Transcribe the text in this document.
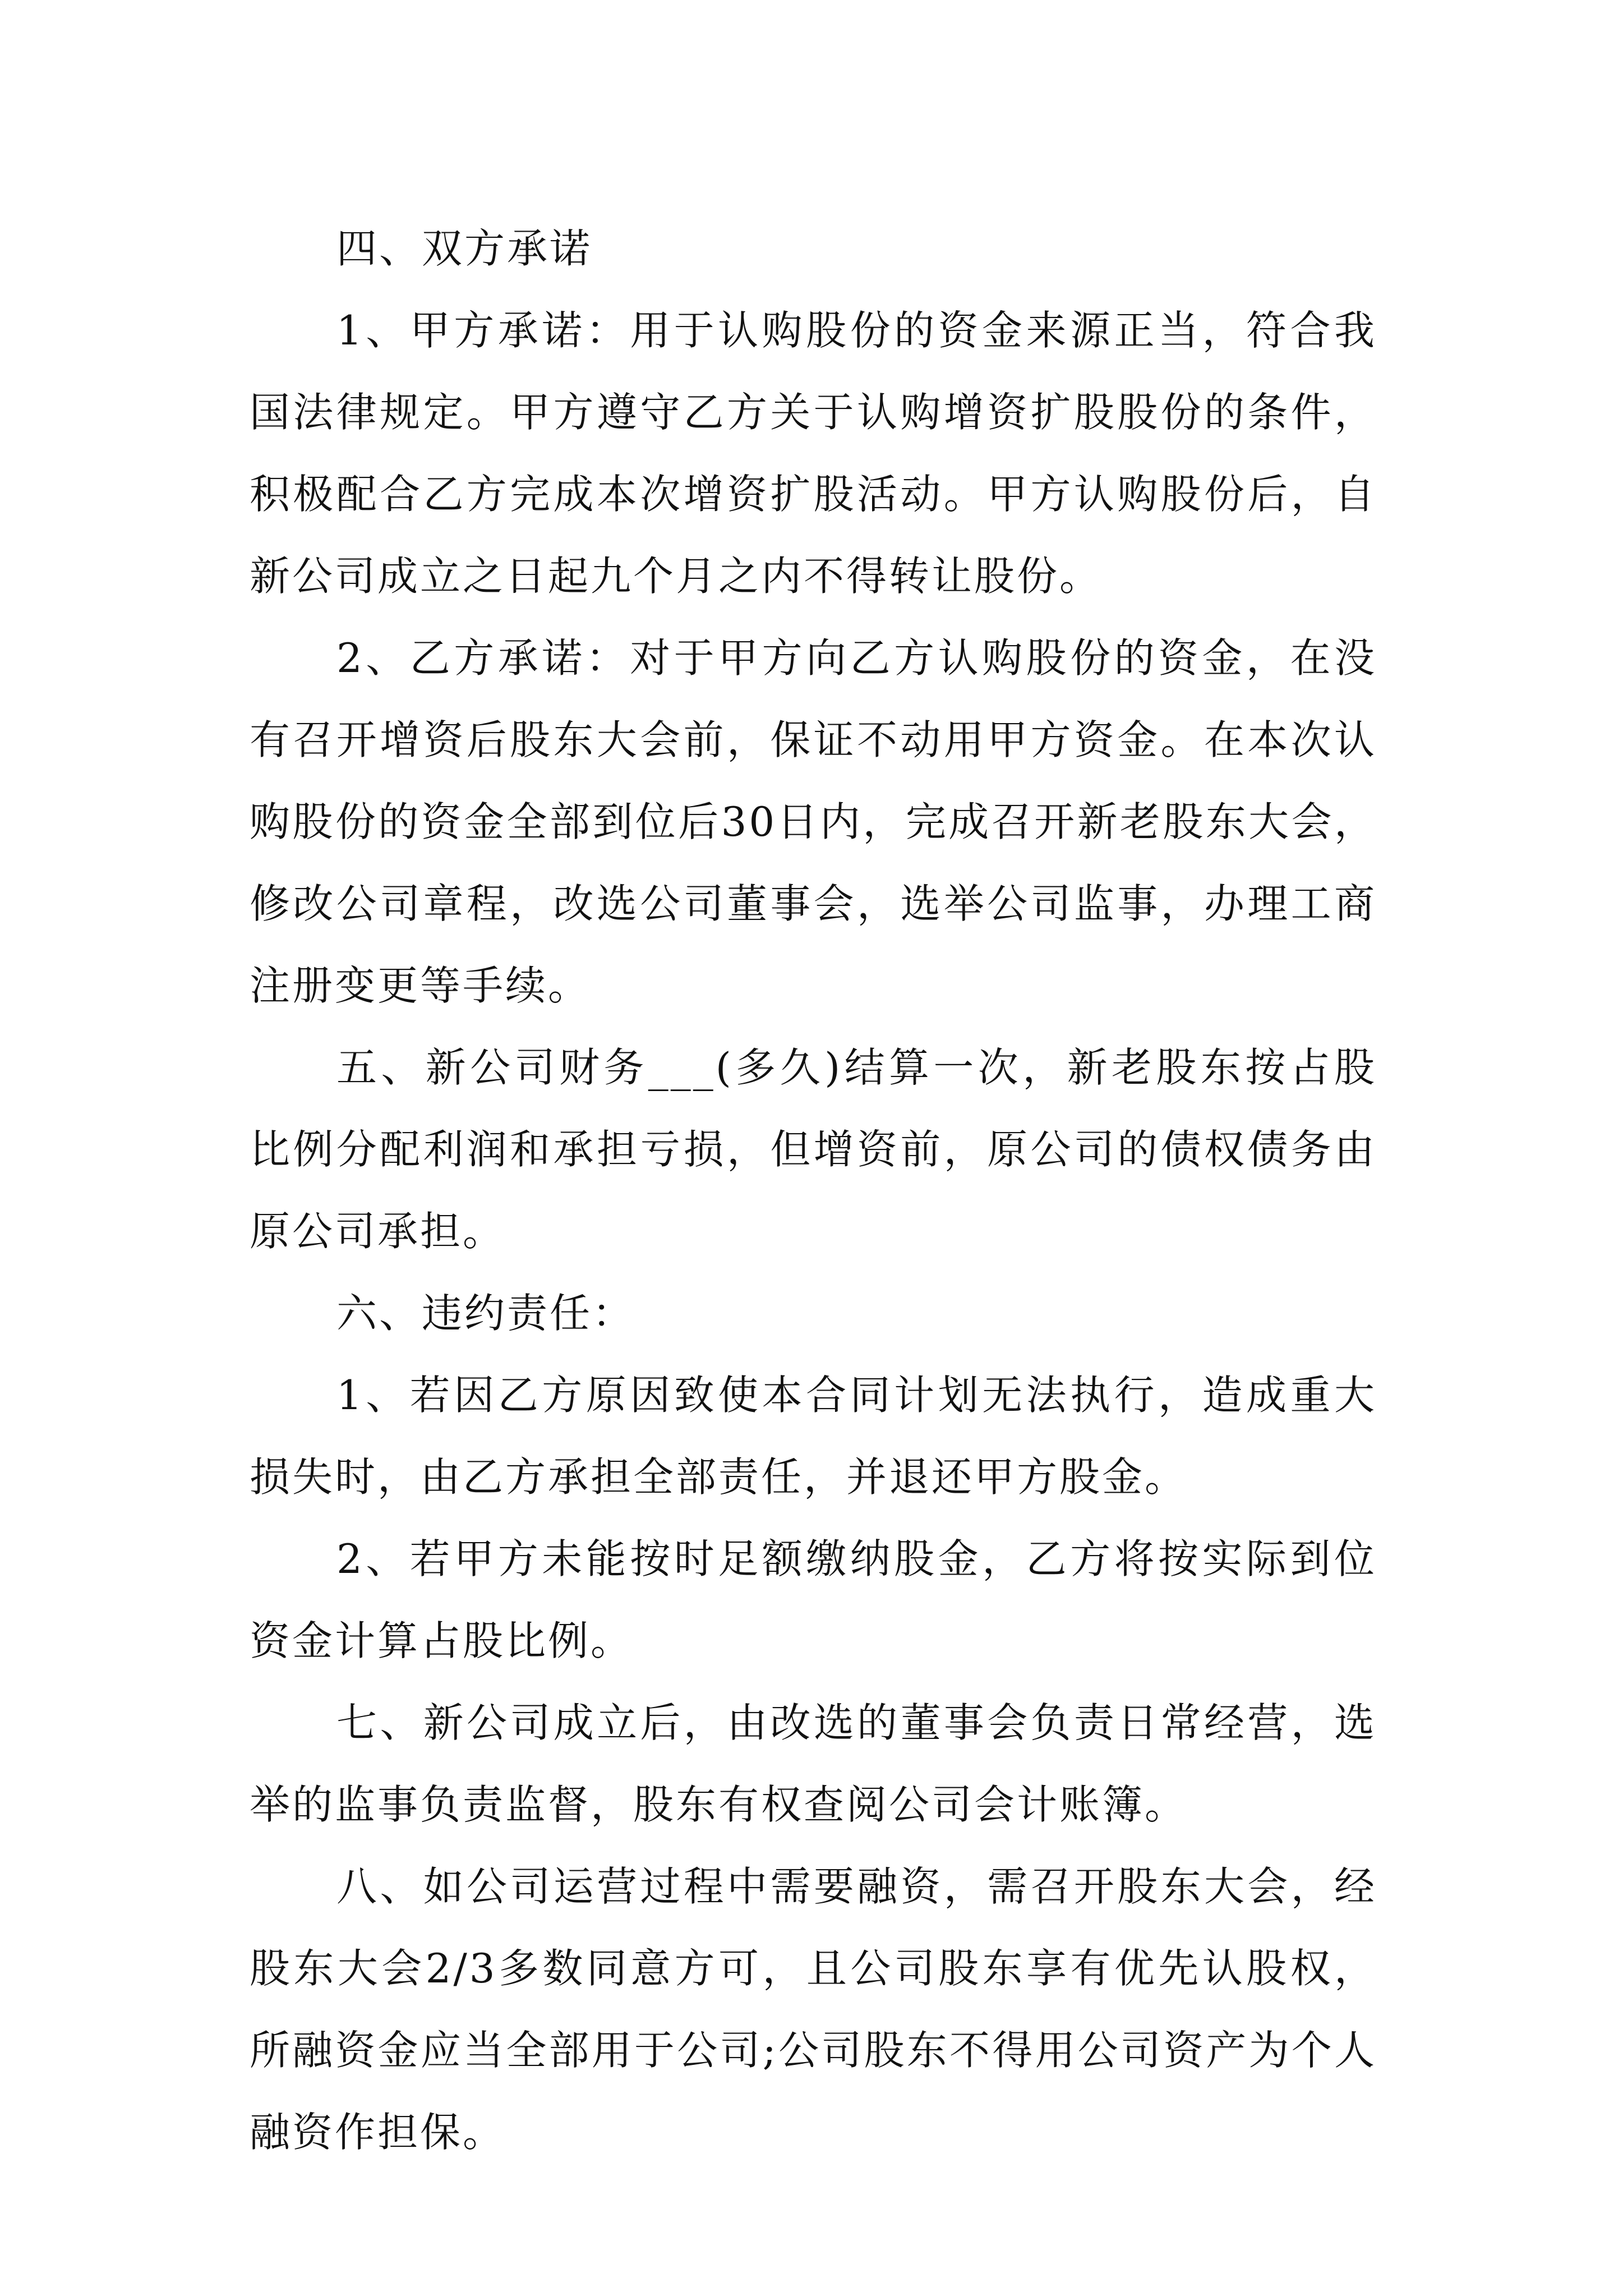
四、双方承诺

1、甲方承诺：用于认购股份的资金来源正当，符合我国法律规定。甲方遵守乙方关于认购增资扩股股份的条件，积极配合乙方完成本次增资扩股活动。甲方认购股份后，自新公司成立之日起九个月之内不得转让股份。

2、乙方承诺：对于甲方向乙方认购股份的资金，在没有召开增资后股东大会前，保证不动用甲方资金。在本次认购股份的资金全部到位后30日内，完成召开新老股东大会，修改公司章程，改选公司董事会，选举公司监事，办理工商注册变更等手续。

五、新公司财务___(多久)结算一次，新老股东按占股比例分配利润和承担亏损，但增资前，原公司的债权债务由原公司承担。

六、违约责任：

1、若因乙方原因致使本合同计划无法执行，造成重大损失时，由乙方承担全部责任，并退还甲方股金。

2、若甲方未能按时足额缴纳股金，乙方将按实际到位资金计算占股比例。

七、新公司成立后，由改选的董事会负责日常经营，选举的监事负责监督，股东有权查阅公司会计账簿。

八、如公司运营过程中需要融资，需召开股东大会，经股东大会2/3多数同意方可，且公司股东享有优先认股权，所融资金应当全部用于公司;公司股东不得用公司资产为个人融资作担保。
